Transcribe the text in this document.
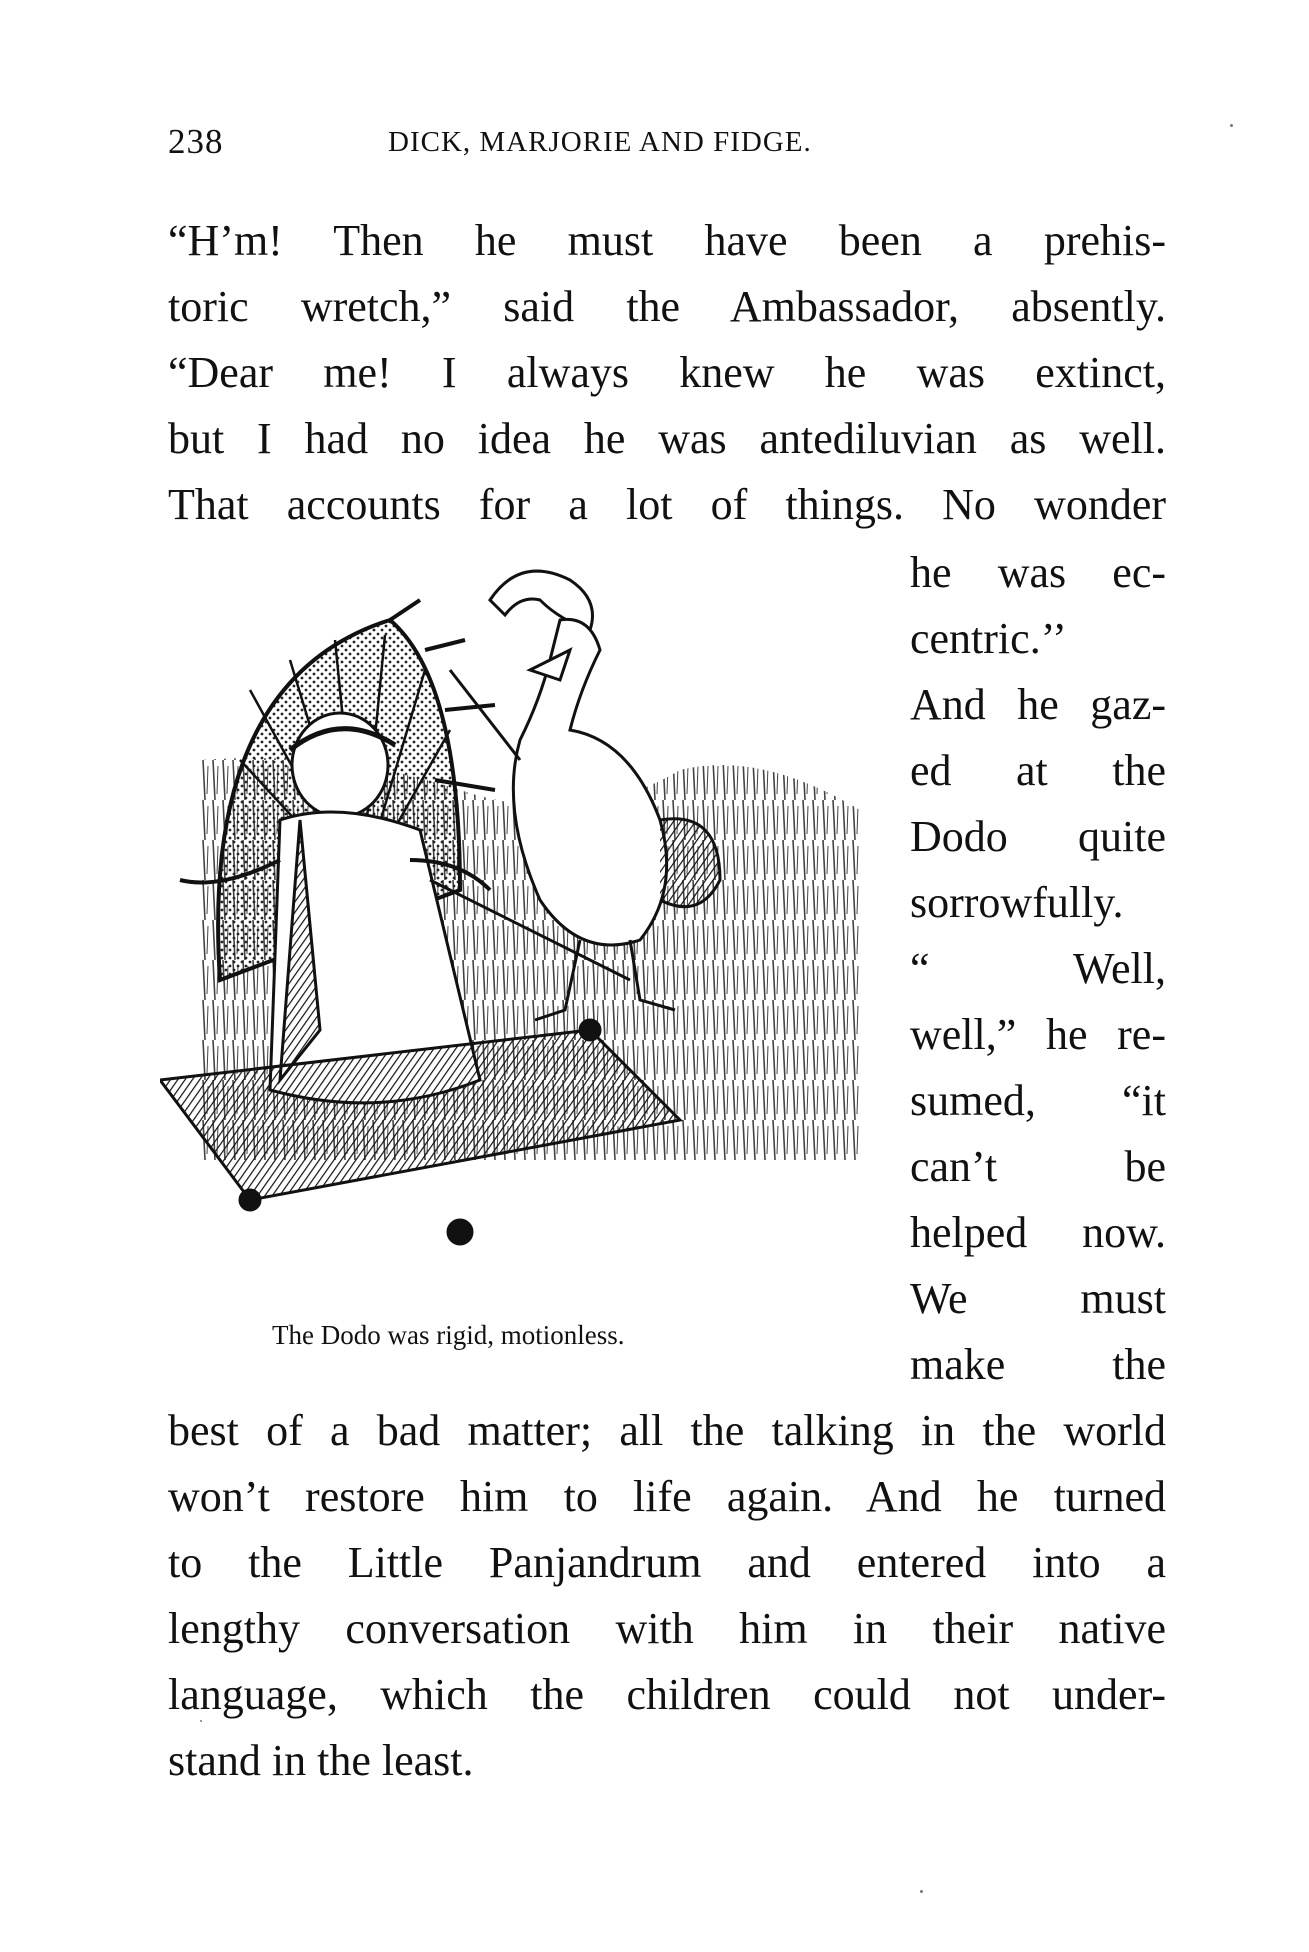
238	DICK, MARJORIE AND FIDGE.
“H’m! Then he must have been a prehis-
toric wretch,” said the Ambassador, absently.
“Dear me! I always knew he was extinct,
but I had no idea he was antediluvian as well.
That accounts for a lot of things. No wonder
he was ec-
centric.’’
And he gaz-
ed at the
Dodo quite
sorrowfully.
“ Well,
well,” he re-
sumed, “it
can’t be
helped now.
We must
make the
The Dodo was rigid, motionless.
best of a bad matter; all the talking in the world
won’t restore him to life again. And he turned
to the Little Panjandrum and entered into a
lengthy conversation with him in their native
language, which the children could not under-
stand in the least.
